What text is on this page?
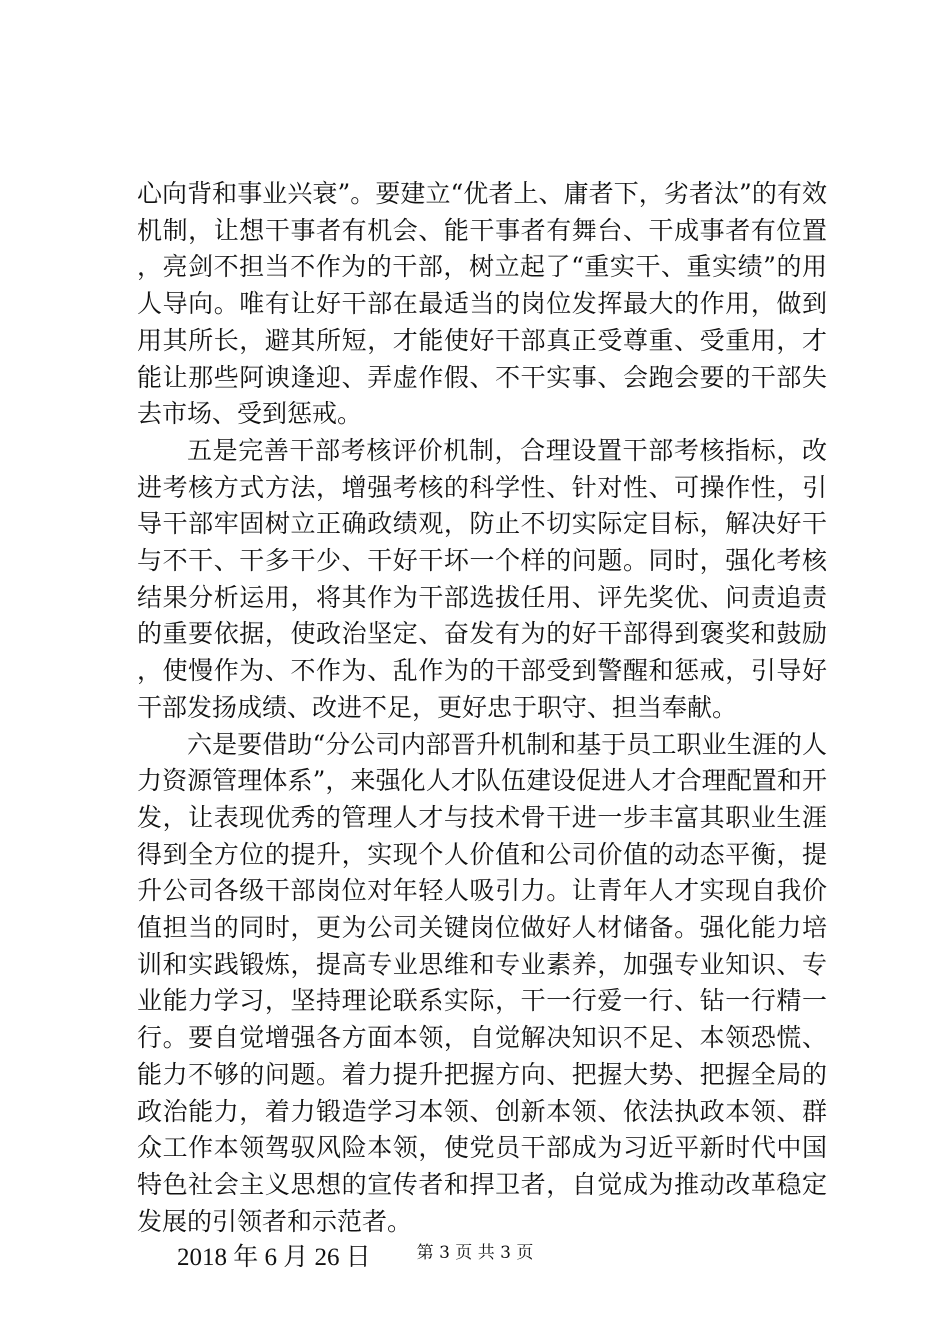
心向背和事业兴衰”。要建立“优者上、庸者下，劣者汰”的有效机制，让想干事者有机会、能干事者有舞台、干成事者有位置，亮剑不担当不作为的干部，树立起了“重实干、重实绩”的用人导向。唯有让好干部在最适当的岗位发挥最大的作用，做到用其所长，避其所短，才能使好干部真正受尊重、受重用，才能让那些阿谀逢迎、弄虚作假、不干实事、会跑会要的干部失去市场、受到惩戒。

五是完善干部考核评价机制，合理设置干部考核指标，改进考核方式方法，增强考核的科学性、针对性、可操作性，引导干部牢固树立正确政绩观，防止不切实际定目标，解决好干与不干、干多干少、干好干坏一个样的问题。同时，强化考核结果分析运用，将其作为干部选拔任用、评先奖优、问责追责的重要依据，使政治坚定、奋发有为的好干部得到褒奖和鼓励，使慢作为、不作为、乱作为的干部受到警醒和惩戒，引导好干部发扬成绩、改进不足，更好忠于职守、担当奉献。

六是要借助“分公司内部晋升机制和基于员工职业生涯的人力资源管理体系”，来强化人才队伍建设促进人才合理配置和开发，让表现优秀的管理人才与技术骨干进一步丰富其职业生涯得到全方位的提升，实现个人价值和公司价值的动态平衡，提升公司各级干部岗位对年轻人吸引力。让青年人才实现自我价值担当的同时，更为公司关键岗位做好人材储备。强化能力培训和实践锻炼，提高专业思维和专业素养，加强专业知识、专业能力学习，坚持理论联系实际，干一行爱一行、钻一行精一行。要自觉增强各方面本领，自觉解决知识不足、本领恐慌、能力不够的问题。着力提升把握方向、把握大势、把握全局的政治能力，着力锻造学习本领、创新本领、依法执政本领、群众工作本领驾驭风险本领，使党员干部成为习近平新时代中国特色社会主义思想的宣传者和捍卫者，自觉成为推动改革稳定发展的引领者和示范者。

2018 年 6 月 26 日	第 3 页 共 3 页
